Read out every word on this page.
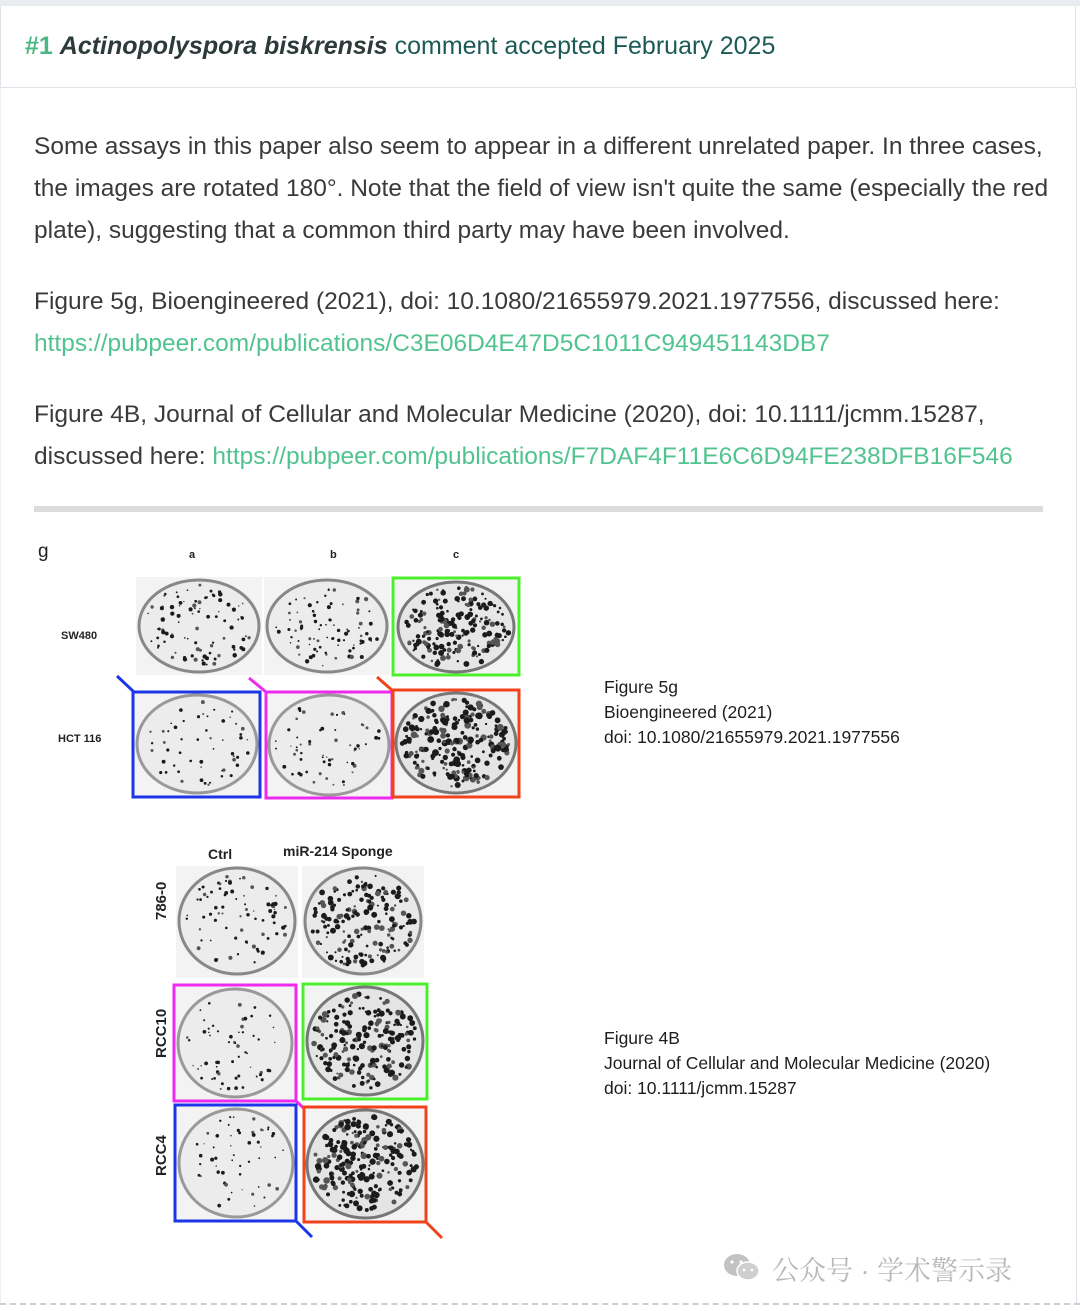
#1 Actinopolyspora biskrensis comment accepted February 2025
Some assays in this paper also seem to appear in a different unrelated paper. In three cases, the images are rotated 180°. Note that the field of view isn't quite the same (especially the red plate), suggesting that a common third party may have been involved.
Figure 5g, Bioengineered (2021), doi: 10.1080/21655979.2021.1977556, discussed here:
https://pubpeer.com/publications/C3E06D4E47D5C1011C949451143DB7
Figure 4B, Journal of Cellular and Molecular Medicine (2020), doi: 10.1111/jcmm.15287, discussed here: https://pubpeer.com/publications/F7DAF4F11E6C6D94FE238DFB16F546
g	a	b	c
SW480
HCT 116
Figure 5g
Bioengineered (2021)
doi: 10.1080/21655979.2021.1977556
Ctrl	miR-214 Sponge
786-0
RCC10
RCC4
Figure 4B
Journal of Cellular and Molecular Medicine (2020)
doi: 10.1111/jcmm.15287
公众号 · 学术警示录
